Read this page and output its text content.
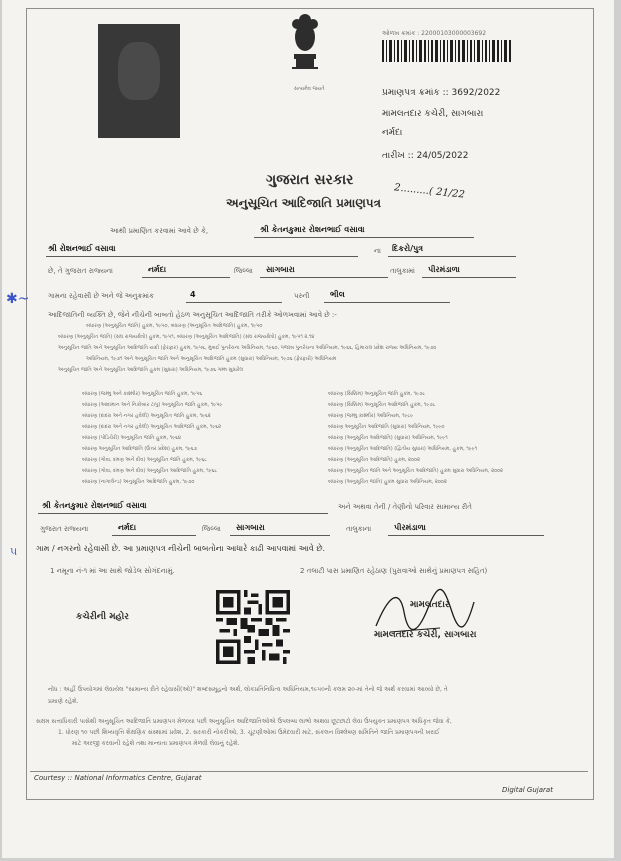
સત્યમેવ જયતે
ઓળખ ક્રમાંક : 22000103000003692
પ્રમાણપત્ર ક્રમાંક :: 3692/2022
મામલતદાર કચેરી, સાગબારા
નર્મદા
તારીખ :: 24/05/2022
ગુજરાત સરકાર
અનુસૂચિત આદિજાતિ પ્રમાણપત્ર
2.........( 21/22
આથી પ્રમાણિત કરવામાં આવે છે કે,	શ્રી કેતનકુમાર રોશનભાઈ વસાવા
શ્રી રોશનભાઈ વસાવા	ના દિકરો/પુત્ર
છે, તે ગુજરાત રાજ્યના	નર્મદા	જિલ્લા સાગબારા	તાલુકામાં પીરમંડાળા
ગામના રહેવાસી છે અને જે અનુક્રમાંક	4	પરની	ભીલ
આદિજાતિની વ્યક્તિ છે, જેને નીચેની બાબતો હેઠળ અનુસૂચિત આદિજાતિ તરીકે ઓળખવામાં આવે છે :-
બંધારણ (અનુસૂચિત જાતિ) હુકમ, ૧૯૫૦, બંધારણ (અનુસૂચિત આદિજાતિ) હુકમ, ૧૯૫૦
બંધારણ (અનુસૂચિત જાતિ) (સંઘ રાજ્યક્ષેત્રો) હુકમ, ૧૯૫૧, બંધારણ (અનુસૂચિત આદિજાતિ) (સંઘ રાજ્યક્ષેત્રો) હુકમ, ૧૯૫૧ ૨.૧૪
અનુસૂચિત જાતિ અને અનુસૂચિત આદિજાતિ યાદી (ફેરફાર) હુકમ, ૧૯૫૬, મુંબઈ પુનર્રચના અધિનિયમ, ૧૯૬૦, પંજાબ પુનર્રચના અધિનિયમ, ૧૯૬૬, હિમાચલ પ્રદેશ રાજ્ય અધિનિયમ, ૧૯૭૦
અધિનિયમ, ૧૯૭૧ અને અનુસૂચિત જાતિ અને અનુસૂચિત આદિજાતિ હુકમ (સુધારા) અધિનિયમ, ૧૯૭૬ (ફેરફારો) અધિનિયમ
અનુસૂચિત જાતિ અને અનુસૂચિત આદિજાતિ હુકમ (સુધારા) અધિનિયમ, ૧૯૭૬ ગમ્મ સુધારેલ
બંધારણ (જમ્મુ અને કાશ્મીર) અનુસૂચિત જાતિ હુકમ, ૧૯૫૬
બંધારણ (આંદામાન અને નિકોબાર ટાપુ) અનુસૂચિત જાતિ હુકમ, ૧૯૫૯
બંધારણ (દાદરા અને નગર હવેલી) અનુસૂચિત જાતિ હુકમ, ૧૯૬૨
બંધારણ (દાદરા અને નગર હવેલી) અનુસૂચિત આદિજાતિ હુકમ, ૧૯૬૨
બંધારણ (પોંડિચેરી) અનુસૂચિત જાતિ હુકમ, ૧૯૬૪
બંધારણ અનુસૂચિત આદિજાતિ (ઉત્તર પ્રદેશ) હુકમ, ૧૯૬૭
બંધારણ (ગોવા, દમણ અને દીવ) અનુસૂચિત જાતિ હુકમ, ૧૯૬૮
બંધારણ (ગોવા, દમણ અને દીવ) અનુસૂચિત આદિજાતિ હુકમ, ૧૯૬૮
બંધારણ (નાગાલેન્ડ) અનુસૂચિત આદિજાતિ હુકમ, ૧૯૭૦
બંધારણ (સિક્કિમ) અનુસૂચિત જાતિ હુકમ, ૧૯૭૮
બંધારણ (સિક્કિમ) અનુસૂચિત આદિજાતિ હુકમ, ૧૯૭૮
બંધારણ (જમ્મુ કાશ્મીર) અધિનિયમ, ૧૯૮૯
બંધારણ અનુસૂચિત આદિજાતિ (સુધારા) અધિનિયમ, ૧૯૯૦
બંધારણ (અનુસૂચિત આદિજાતિ) (સુધારા) અધિનિયમ, ૧૯૯૧
બંધારણ (અનુસૂચિત આદિજાતિ) (દ્વિતીય સુધારા) અધિનિયમ, હુકમ, ૧૯૯૧
બંધારણ (અનુસૂચિત આદિજાતિ) હુકમ, ૨૦૦૨
બંધારણ (અનુસૂચિત જાતિ અને અનુસૂચિત આદિજાતિ) હુકમ સુધારા અધિનિયમ, ૨૦૦૨
બંધારણ (અનુસૂચિત જાતિ) હુકમ સુધારા અધિનિયમ, ૨૦૦૨
શ્રી કેતનકુમાર રોશનભાઈ વસાવા	અને અથવા તેની / તેણીનો પરિવાર સામાન્ય રીતે
ગુજરાત રાજ્યના	નર્મદા	જિલ્લા સાગબારા	તાલુકાના	પીરમંડાળા
ગામ / નગરનો રહેવાસી છે. આ પ્રમાણપત્ર નીચેની બાબતોના આધારે કાઢી આપવામાં આવે છે.
1 નમૂના નં-૧ માં આ સાથે જોડેલ સોગંદનામું.	2 તલાટી પાસ પ્રમાણિત રહેઠાણ (પુરાવાઓ સાથેનું પ્રમાણપત્ર સહિત)
કચેરીની મહોર
મામલતદાર
મામલતદાર કચેરી, સાગબારા
નોંધ : અહીં ઉપયોગમાં લેવાયેલ "સામાન્ય રીતે રહેવાસી(ઓ)" શબ્દસમૂહનો અર્થ, લોકપ્રતિનિધિત્વ અધિનિયમ,૧૯૫૦ની કલમ ૨૦-માં તેનો જે અર્થ કરવામાં આવ્યો છે, તે
પ્રમાણે રહેશે.
સક્ષમ સત્તાધિકારી પાસેથી અનુસૂચિત આદિજાતિ પ્રમાણપત્ર મેળવ્યા પછી અનુસૂચિત આદિજાતિઓએ ઉપલબ્ધ લાભો અથવા છૂટછાટો લેવા ઉપયુક્ત પ્રમાણપત્ર અધિકૃત જેવા કે,
1. ધોરણ ૧૦ પછી શિષ્યવૃત્તિ શૈક્ષણિક સંસ્થામાં પ્રવેશ, 2. સરકારી નોકરીઓ, 3. ચૂંટણીઓમાં ઉમેદવારી માટે, સંકલન વિશ્લેષણ સમિતિને જાતિ પ્રમાણપત્રની ખરાઈ
માટે અરજી કરવાની રહેશે તથા માન્યતા પ્રમાણપત્ર મેળવી લેવાનું રહેશે.
Courtesy :: National Informatics Centre, Gujarat
Digital Gujarat
✱~
૫
